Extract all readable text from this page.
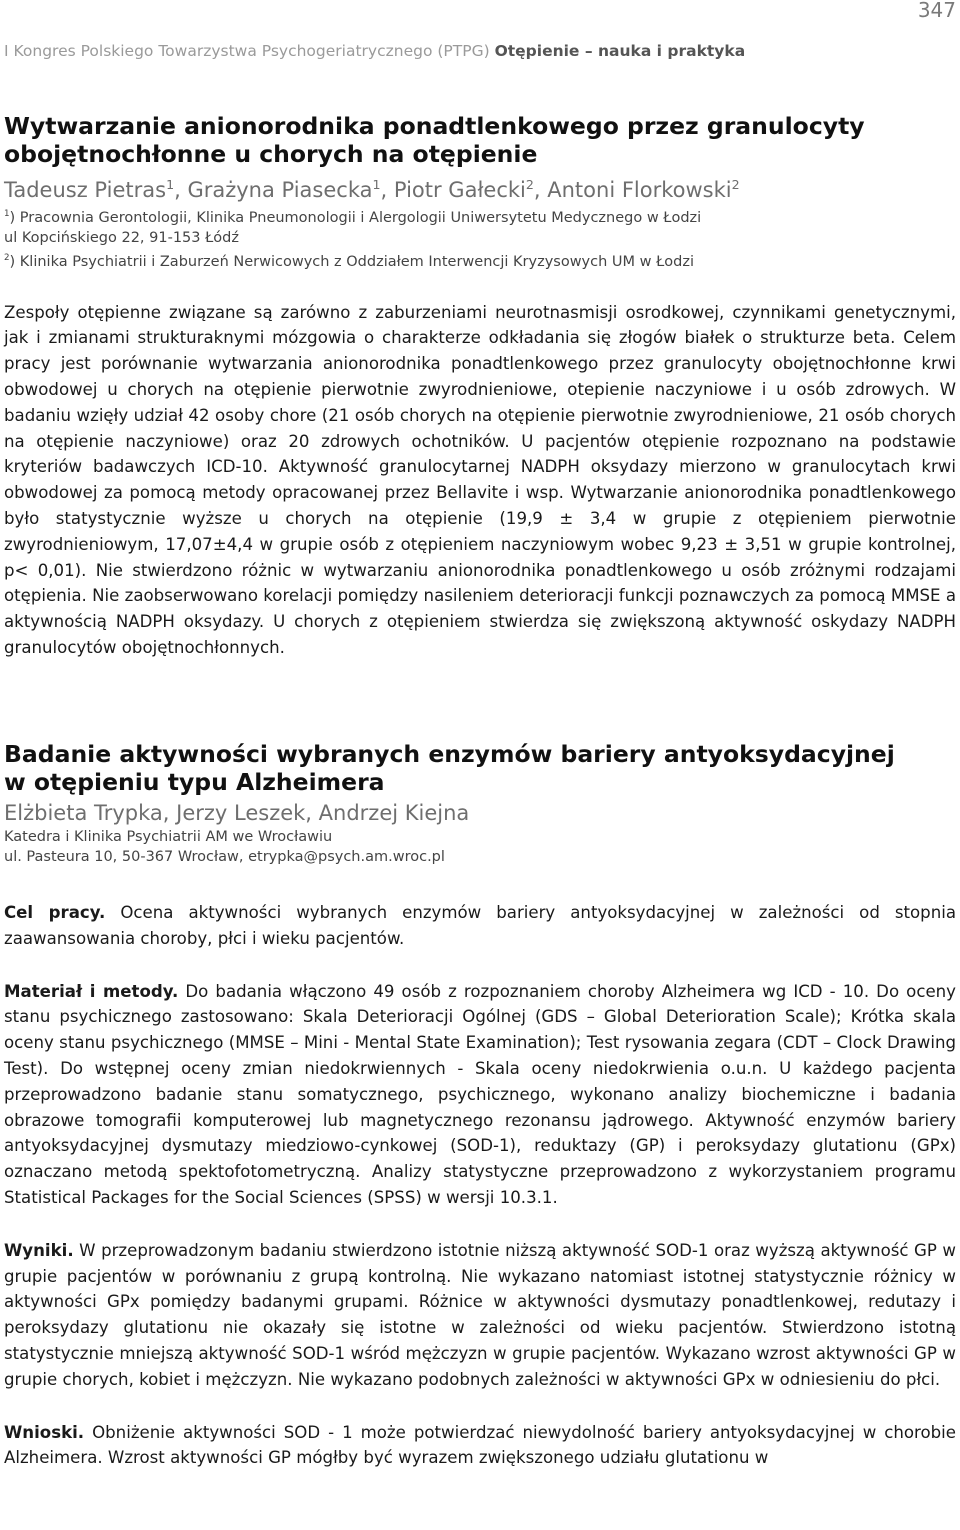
347
I Kongres Polskiego Towarzystwa Psychogeriatrycznego (PTPG) Otępienie – nauka i praktyka
Wytwarzanie anionorodnika ponadtlenkowego przez granulocyty
obojętnochłonne u chorych na otępienie
Tadeusz Pietras$^1$, Grażyna Piasecka$^1$, Piotr Gałecki$^2$, Antoni Florkowski$^2$
$^1$) Pracownia Gerontologii, Klinika Pneumonologii i Alergologii Uniwersytetu Medycznego w Łodzi
ul Kopcińskiego 22, 91-153 Łódź
$^2$) Klinika Psychiatrii i Zaburzeń Nerwicowych z Oddziałem Interwencji Kryzysowych UM w Łodzi

Zespoły otępienne związane są zarówno z zaburzeniami neurotnasmisji osrodkowej, czynnikami genetycznymi, jak i zmianami strukturaknymi mózgowia o charakterze odkładania się złogów białek o strukturze beta. Celem pracy jest porównanie wytwarzania anionorodnika ponadtlenkowego przez granulocyty obojętnochłonne krwi obwodowej u chorych na otępienie pierwotnie zwyrodnieniowe, otepienie naczyniowe i u osób zdrowych. W badaniu wzięły udział 42 osoby chore (21 osób chorych na otępienie pierwotnie zwyrodnieniowe, 21 osób chorych na otępienie naczyniowe) oraz 20 zdrowych ochotników. U pacjentów otępienie rozpoznano na podstawie kryteriów badawczych ICD-10. Aktywność granulocytarnej NADPH oksydazy mierzono w granulocytach krwi obwodowej za pomocą metody opracowanej przez Bellavite i wsp. Wytwarzanie anionorodnika ponadtlenkowego było statystycznie wyższe u chorych na otępienie (19,9 ± 3,4 w grupie z otępieniem pierwotnie zwyrodnieniowym, 17,07±4,4 w grupie osób z otępieniem naczyniowym wobec 9,23 ± 3,51 w grupie kontrolnej, p< 0,01). Nie stwierdzono różnic w wytwarzaniu anionorodnika ponadtlenkowego u osób zróżnymi rodzajami otępienia. Nie zaobserwowano korelacji pomiędzy nasileniem deterioracji funkcji poznawczych za pomocą MMSE a aktywnością NADPH oksydazy. U chorych z otępieniem stwierdza się zwiększoną aktywność oskydazy NADPH granulocytów obojętnochłonnych.

Badanie aktywności wybranych enzymów bariery antyoksydacyjnej
w otępieniu typu Alzheimera
Elżbieta Trypka, Jerzy Leszek, Andrzej Kiejna
Katedra i Klinika Psychiatrii AM we Wrocławiu
ul. Pasteura 10, 50-367 Wrocław, etrypka@psych.am.wroc.pl

Cel pracy. Ocena aktywności wybranych enzymów bariery antyoksydacyjnej w zależności od stopnia zaawansowania choroby, płci i wieku pacjentów.

Materiał i metody. Do badania włączono 49 osób z rozpoznaniem choroby Alzheimera wg ICD - 10. Do oceny stanu psychicznego zastosowano: Skala Deterioracji Ogólnej (GDS – Global Deterioration Scale); Krótka skala oceny stanu psychicznego (MMSE – Mini - Mental State Examination); Test rysowania zegara (CDT – Clock Drawing Test). Do wstępnej oceny zmian niedokrwiennych - Skala oceny niedokrwienia o.u.n. U każdego pacjenta przeprowadzono badanie stanu somatycznego, psychicznego, wykonano analizy biochemiczne i badania obrazowe tomografii komputerowej lub magnetycznego rezonansu jądrowego. Aktywność enzymów bariery antyoksydacyjnej dysmutazy miedziowo-cynkowej (SOD-1), reduktazy (GP) i peroksydazy glutationu (GPx) oznaczano metodą spektofotometryczną. Analizy statystyczne przeprowadzono z wykorzystaniem programu Statistical Packages for the Social Sciences (SPSS) w wersji 10.3.1.

Wyniki. W przeprowadzonym badaniu stwierdzono istotnie niższą aktywność SOD-1 oraz wyższą aktywność GP w grupie pacjentów w porównaniu z grupą kontrolną. Nie wykazano natomiast istotnej statystycznie różnicy w aktywności GPx pomiędzy badanymi grupami. Różnice w aktywności dysmutazy ponadtlenkowej, redutazy i peroksydazy glutationu nie okazały się istotne w zależności od wieku pacjentów. Stwierdzono istotną statystycznie mniejszą aktywność SOD-1 wśród mężczyzn w grupie pacjentów. Wykazano wzrost aktywności GP w grupie chorych, kobiet i mężczyzn. Nie wykazano podobnych zależności w aktywności GPx w odniesieniu do płci.

Wnioski. Obniżenie aktywności SOD - 1 może potwierdzać niewydolność bariery antyoksydacyjnej w chorobie Alzheimera. Wzrost aktywności GP mógłby być wyrazem zwiększonego udziału glutationu w
